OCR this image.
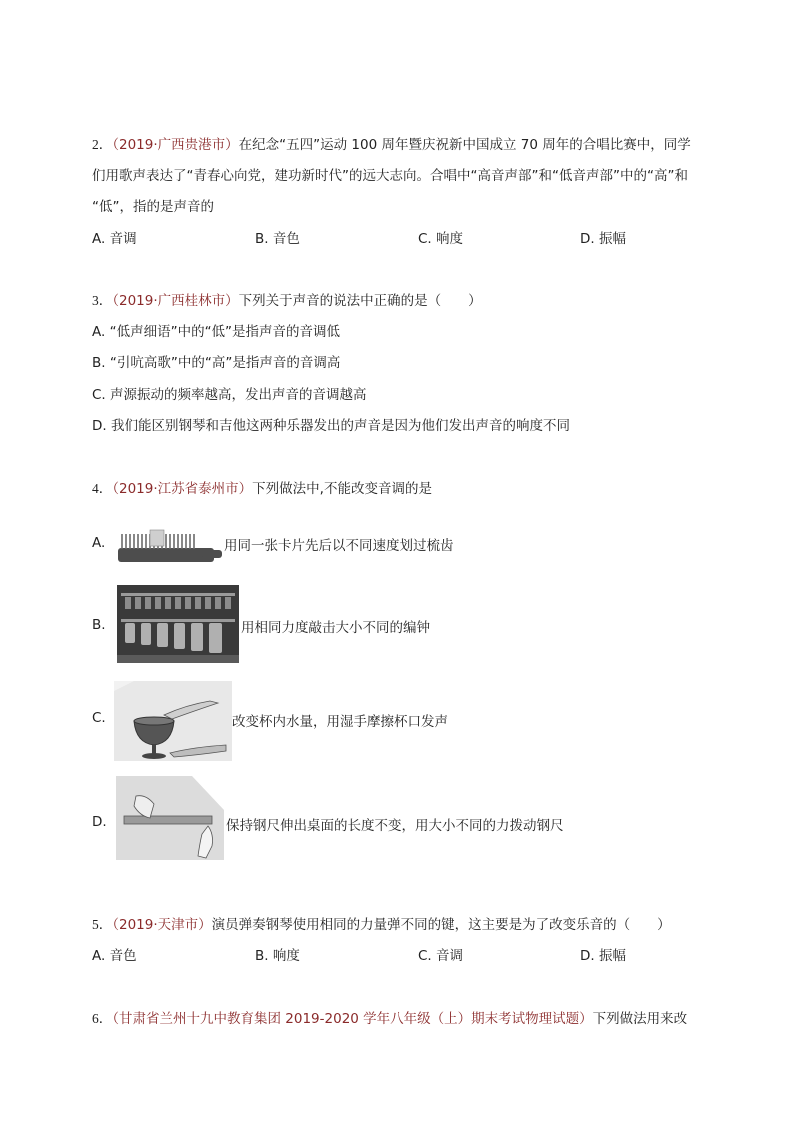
2．（2019·广西贵港市）在纪念“五四”运动 100 周年暨庆祝新中国成立 70 周年的合唱比赛中，同学
们用歌声表达了“青春心向党，建功新时代”的远大志向。合唱中“高音声部”和“低音声部”中的“高”和
“低”，指的是声音的
A. 音调	B. 音色	C. 响度	D. 振幅
3．（2019·广西桂林市）下列关于声音的说法中正确的是（　　）
A. “低声细语”中的“低”是指声音的音调低
B. “引吭高歌”中的“高”是指声音的音调高
C. 声源振动的频率越高，发出声音的音调越高
D. 我们能区别钢琴和吉他这两种乐器发出的声音是因为他们发出声音的响度不同
4．（2019·江苏省泰州市）下列做法中,不能改变音调的是
A.	用同一张卡片先后以不同速度划过梳齿
B.	用相同力度敲击大小不同的编钟
C.	改变杯内水量，用湿手摩擦杯口发声
D.	保持钢尺伸出桌面的长度不变，用大小不同的力拨动钢尺
5．（2019·天津市）演员弹奏钢琴使用相同的力量弹不同的键，这主要是为了改变乐音的（　　）
A. 音色	B. 响度	C. 音调	D. 振幅
6．（甘肃省兰州十九中教育集团 2019-2020 学年八年级（上）期末考试物理试题）下列做法用来改
